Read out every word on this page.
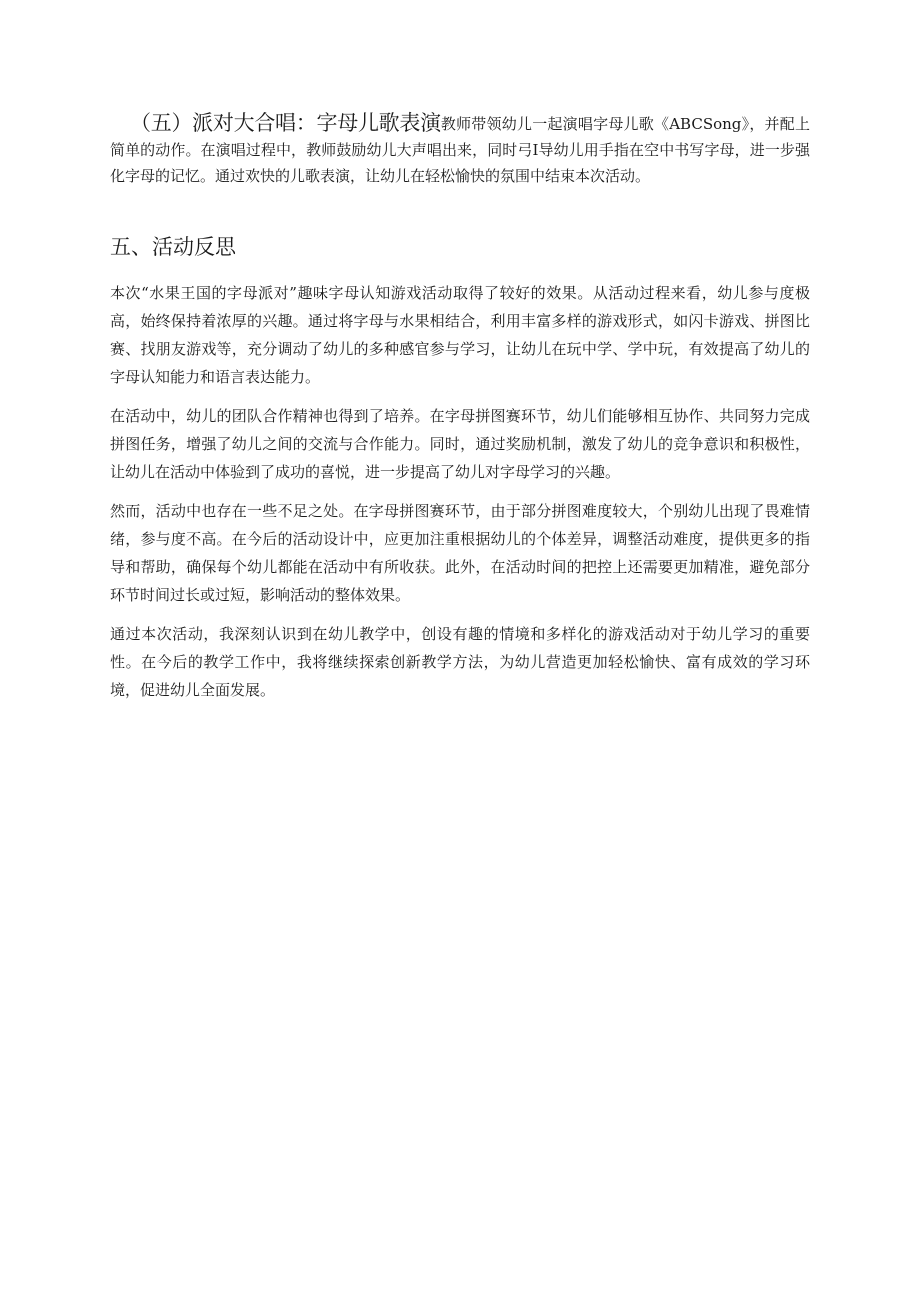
（五）派对大合唱：字母儿歌表演教师带领幼儿一起演唱字母儿歌《ABCSong》，并配上简单的动作。在演唱过程中，教师鼓励幼儿大声唱出来，同时弓I导幼儿用手指在空中书写字母，进一步强化字母的记忆。通过欢快的儿歌表演，让幼儿在轻松愉快的氛围中结束本次活动。

五、活动反思

本次“水果王国的字母派对”趣味字母认知游戏活动取得了较好的效果。从活动过程来看，幼儿参与度极高，始终保持着浓厚的兴趣。通过将字母与水果相结合，利用丰富多样的游戏形式，如闪卡游戏、拼图比赛、找朋友游戏等，充分调动了幼儿的多种感官参与学习，让幼儿在玩中学、学中玩，有效提高了幼儿的字母认知能力和语言表达能力。

在活动中，幼儿的团队合作精神也得到了培养。在字母拼图赛环节，幼儿们能够相互协作、共同努力完成拼图任务，增强了幼儿之间的交流与合作能力。同时，通过奖励机制，激发了幼儿的竞争意识和积极性，让幼儿在活动中体验到了成功的喜悦，进一步提高了幼儿对字母学习的兴趣。

然而，活动中也存在一些不足之处。在字母拼图赛环节，由于部分拼图难度较大，个别幼儿出现了畏难情绪，参与度不高。在今后的活动设计中，应更加注重根据幼儿的个体差异，调整活动难度，提供更多的指导和帮助，确保每个幼儿都能在活动中有所收获。此外，在活动时间的把控上还需要更加精准，避免部分环节时间过长或过短，影响活动的整体效果。

通过本次活动，我深刻认识到在幼儿教学中，创设有趣的情境和多样化的游戏活动对于幼儿学习的重要性。在今后的教学工作中，我将继续探索创新教学方法，为幼儿营造更加轻松愉快、富有成效的学习环境，促进幼儿全面发展。
